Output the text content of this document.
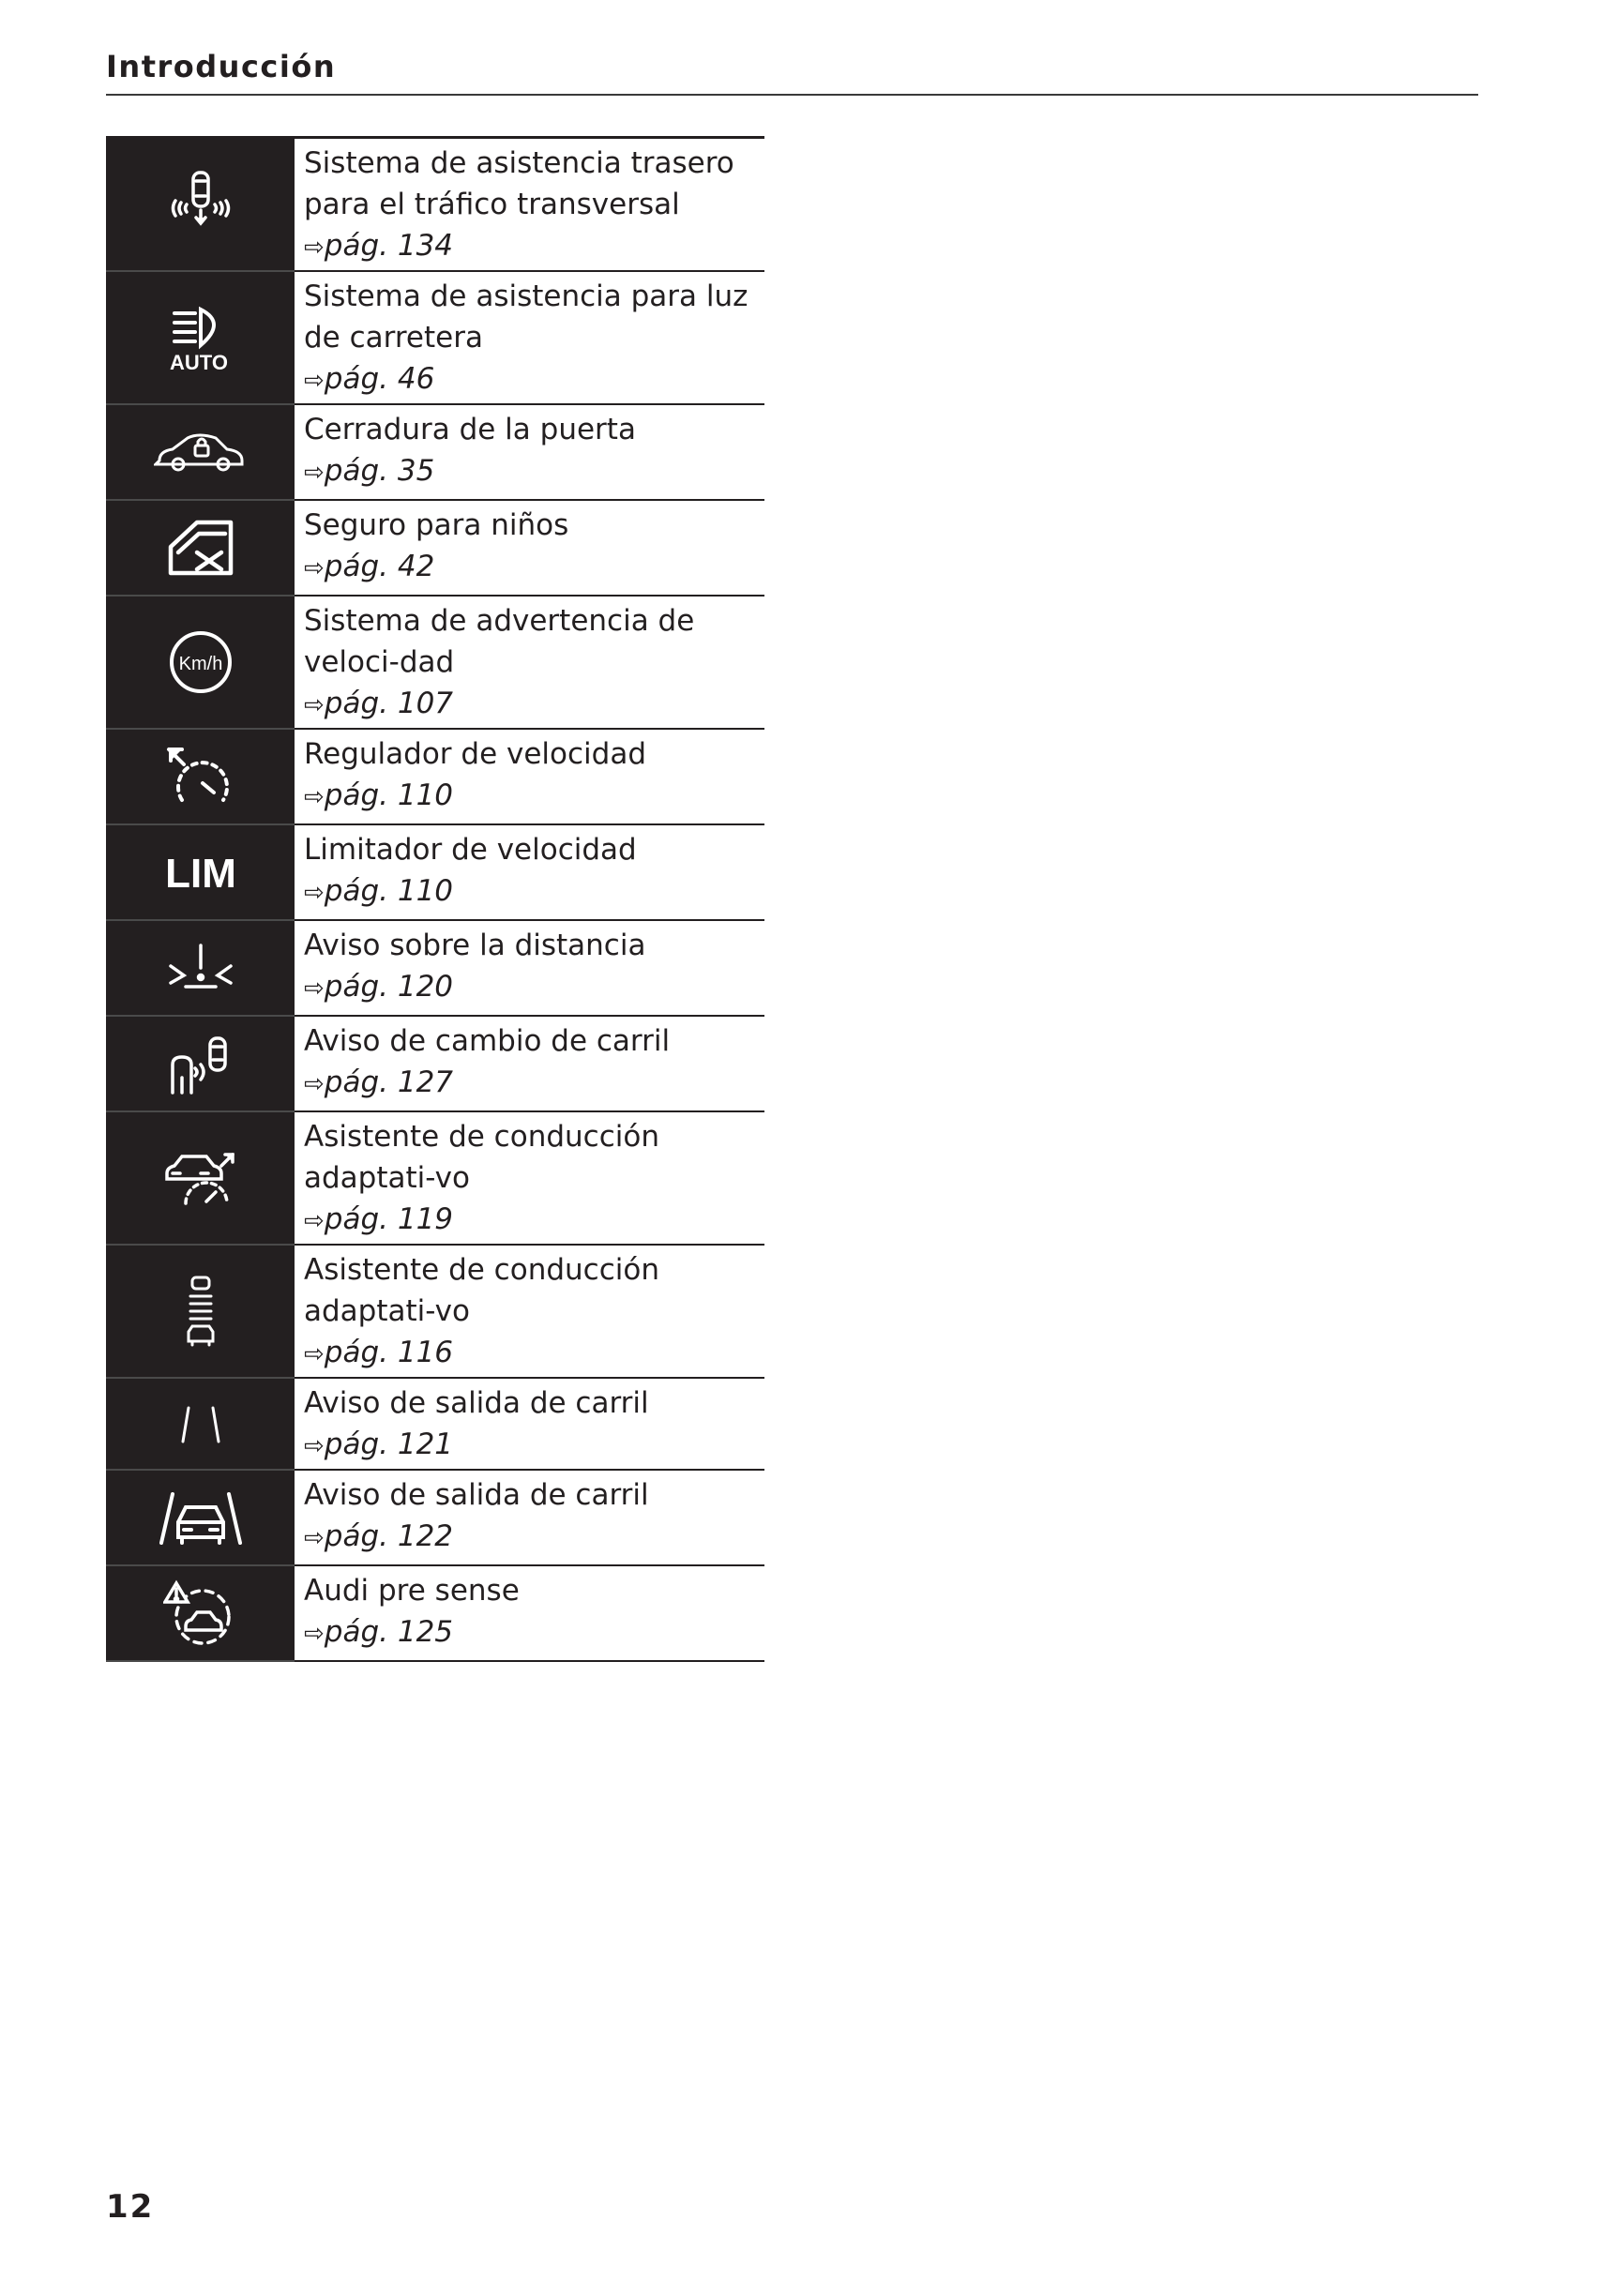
Introducción
Sistema de asistencia trasero para el tráfico transversal
⇨pág. 134
AUTO
Sistema de asistencia para luz de carretera
⇨pág. 46
Cerradura de la puerta
⇨pág. 35
Seguro para niños
⇨pág. 42
Km/h
Sistema de advertencia de veloci-dad
⇨pág. 107
Regulador de velocidad
⇨pág. 110
LIM
Limitador de velocidad
⇨pág. 110
Aviso sobre la distancia
⇨pág. 120
Aviso de cambio de carril
⇨pág. 127
Asistente de conducción adaptati-vo
⇨pág. 119
Asistente de conducción adaptati-vo
⇨pág. 116
Aviso de salida de carril
⇨pág. 121
Aviso de salida de carril
⇨pág. 122
Audi pre sense
⇨pág. 125
12
